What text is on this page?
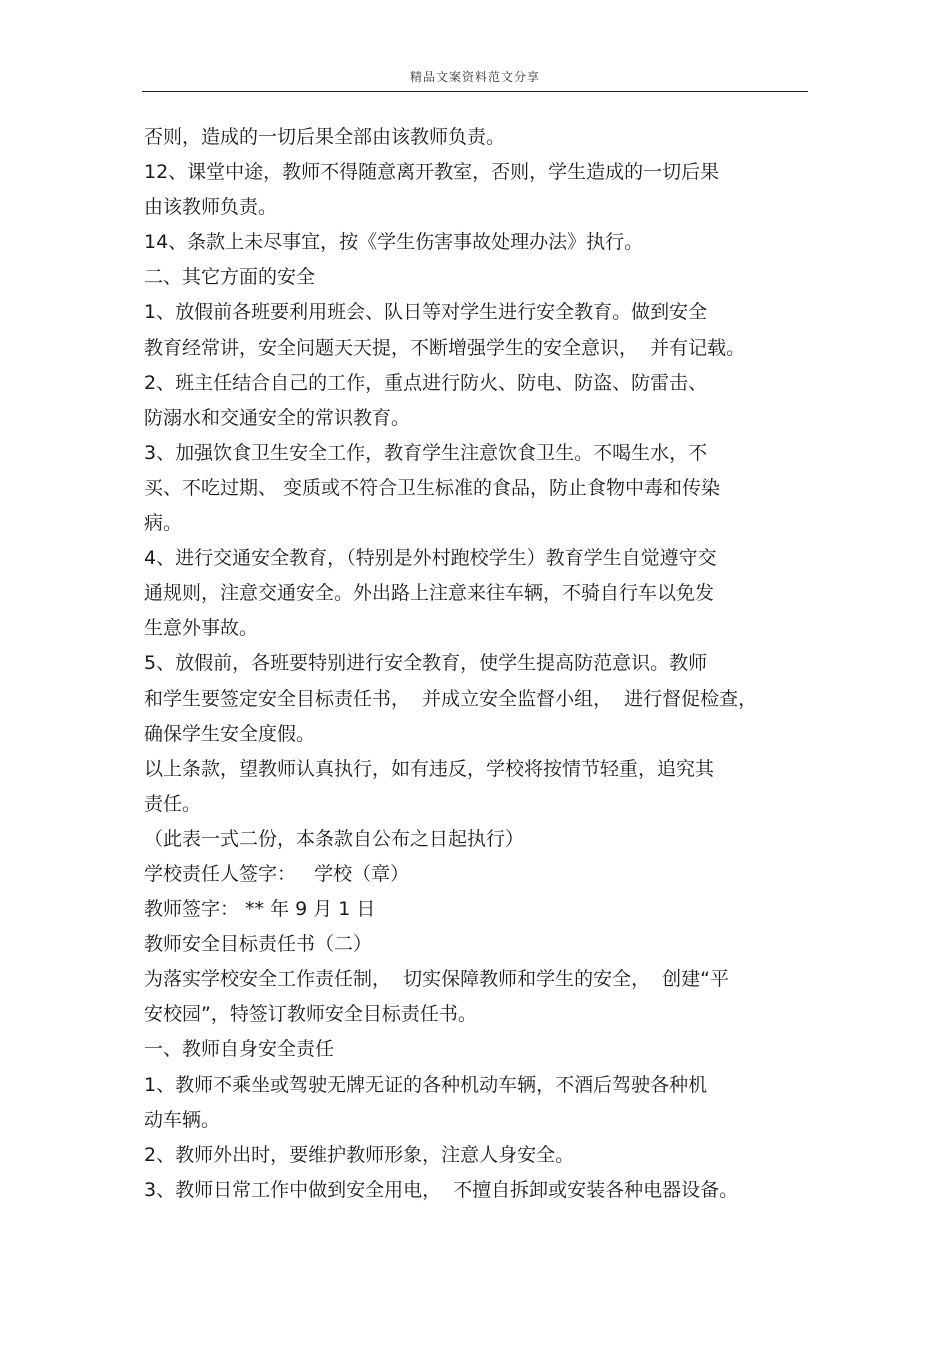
精品文案资料范文分享
否则，造成的一切后果全部由该教师负责。
12、课堂中途，教师不得随意离开教室，否则，学生造成的一切后果
由该教师负责。
14、条款上未尽事宜，按《学生伤害事故处理办法》执行。
二、其它方面的安全
1、放假前各班要利用班会、队日等对学生进行安全教育。做到安全
教育经常讲，安全问题天天提，不断增强学生的安全意识，  并有记载。
2、班主任结合自己的工作，重点进行防火、防电、防盗、防雷击、
防溺水和交通安全的常识教育。
3、加强饮食卫生安全工作，教育学生注意饮食卫生。不喝生水，不
买、不吃过期、 变质或不符合卫生标准的食品，防止食物中毒和传染
病。
4、进行交通安全教育，（特别是外村跑校学生）教育学生自觉遵守交
通规则，注意交通安全。外出路上注意来往车辆，不骑自行车以免发
生意外事故。
5、放假前，各班要特别进行安全教育，使学生提高防范意识。教师
和学生要签定安全目标责任书，  并成立安全监督小组，  进行督促检查，
确保学生安全度假。
以上条款，望教师认真执行，如有违反，学校将按情节轻重，追究其
责任。
（此表一式二份，本条款自公布之日起执行）
学校责任人签字：   学校（章）
教师签字： ** 年 9 月 1 日
教师安全目标责任书（二）
为落实学校安全工作责任制，  切实保障教师和学生的安全，  创建“平
安校园”，特签订教师安全目标责任书。
一、教师自身安全责任
1、教师不乘坐或驾驶无牌无证的各种机动车辆，不酒后驾驶各种机
动车辆。
2、教师外出时，要维护教师形象，注意人身安全。
3、教师日常工作中做到安全用电，  不擅自拆卸或安装各种电器设备。
